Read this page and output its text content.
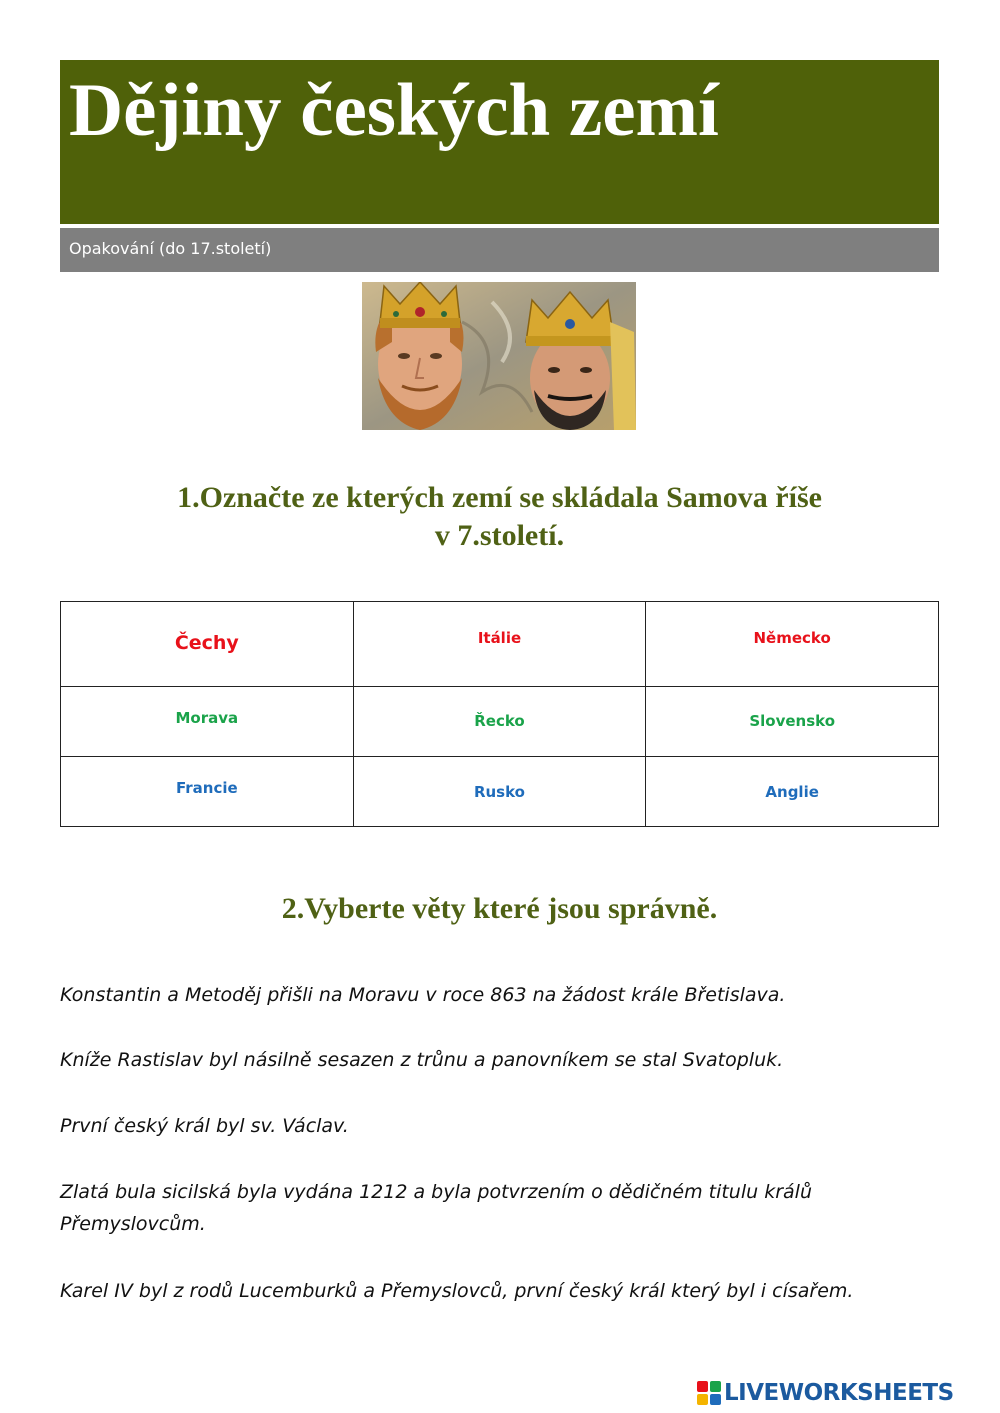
Dějiny českých zemí
Opakování (do 17.století)
1.Označte ze kterých zemí se skládala Samova říše
v 7.století.
Čechy	Itálie	Německo
Morava	Řecko	Slovensko
Francie	Rusko	Anglie
2.Vyberte věty které jsou správně.

Konstantin a Metoděj přišli na Moravu v roce 863 na žádost krále Břetislava.

Kníže Rastislav byl násilně sesazen z trůnu a panovníkem se stal Svatopluk.

První český král byl sv. Václav.

Zlatá bula sicilská byla vydána 1212 a byla potvrzením o dědičném titulu králů Přemyslovcům.

Karel IV byl z rodů Lucemburků a Přemyslovců, první český král který byl i císařem.

LIVEWORKSHEETS
